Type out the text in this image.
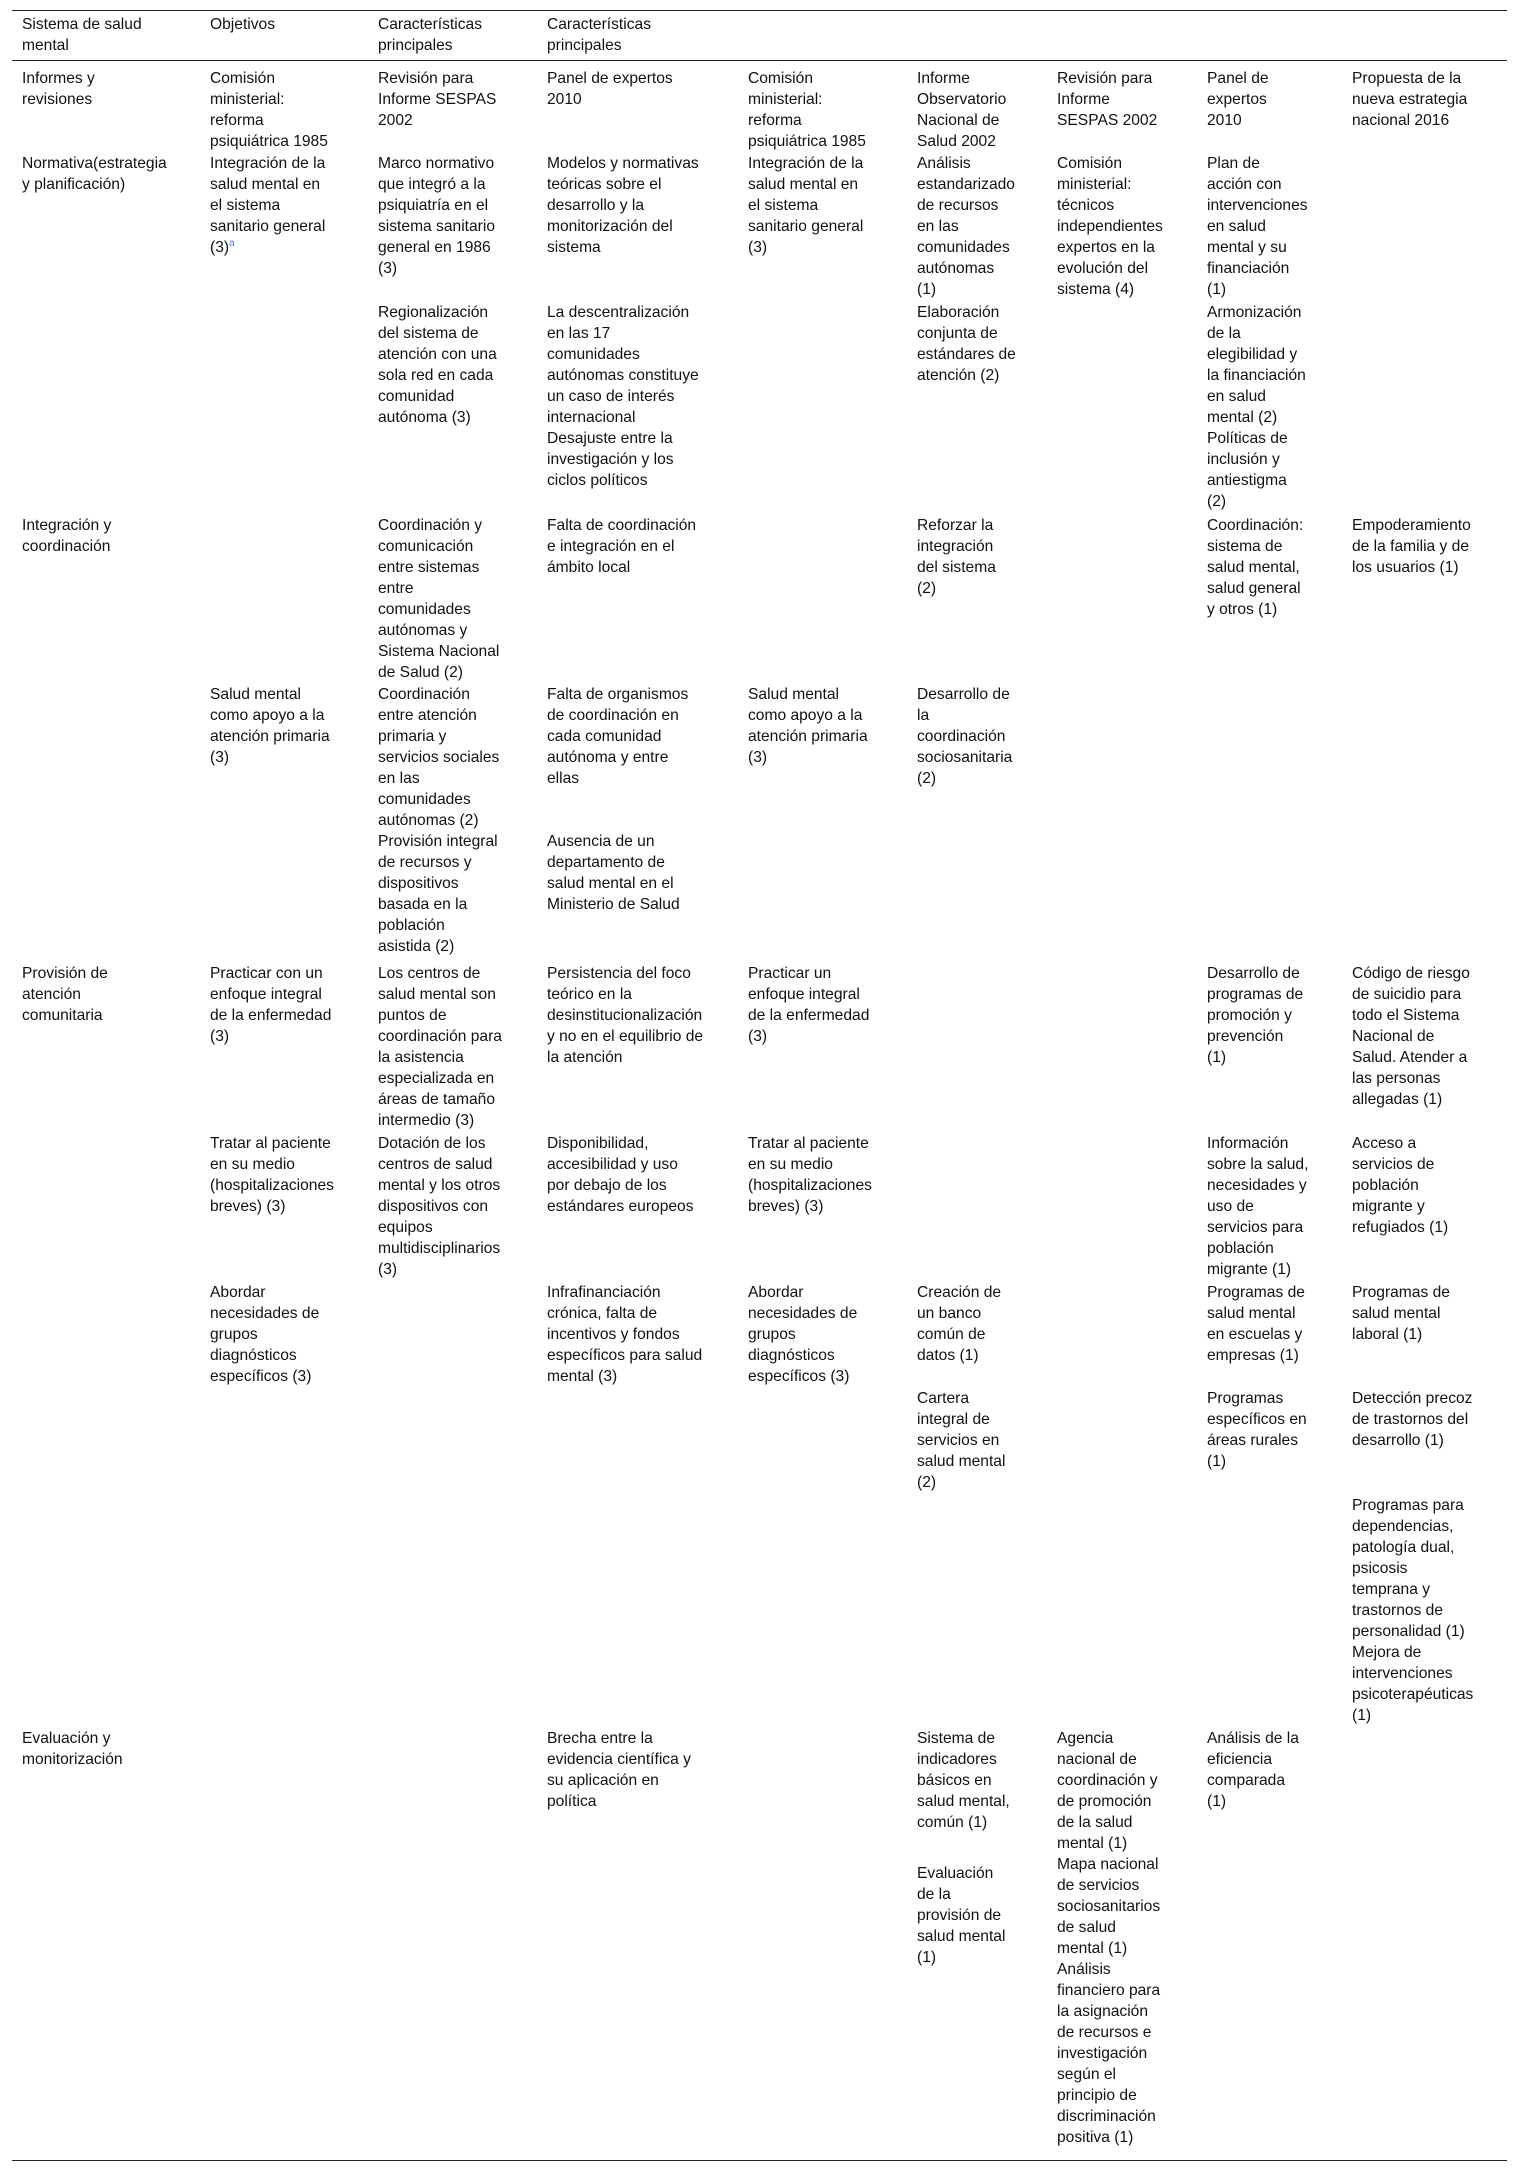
Sistema de salud
mental
Objetivos	Características
principales
Características
principales
Informes y
revisiones
Comisión
ministerial:
reforma
psiquiátrica 1985
Revisión para
Informe SESPAS
2002
Panel de expertos
2010
Comisión
ministerial:
reforma
psiquiátrica 1985
Informe
Observatorio
Nacional de
Salud 2002
Revisión para
Informe
SESPAS 2002
Panel de
expertos
2010
Propuesta de la
nueva estrategia
nacional 2016
Normativa(estrategia
y planificación)
Integración de la
salud mental en
el sistema
sanitario general
(3)$^a$
Marco normativo
que integró a la
psiquiatría en el
sistema sanitario
general en 1986
(3)
Modelos y normativas
teóricas sobre el
desarrollo y la
monitorización del
sistema
Integración de la
salud mental en
el sistema
sanitario general
(3)
Análisis
estandarizado
de recursos
en las
comunidades
autónomas
(1)
Comisión
ministerial:
técnicos
independientes
expertos en la
evolución del
sistema (4)
Plan de
acción con
intervenciones
en salud
mental y su
financiación
(1)
Regionalización
del sistema de
atención con una
sola red en cada
comunidad
autónoma (3)
La descentralización
en las 17
comunidades
autónomas constituye
un caso de interés
internacional
Desajuste entre la
investigación y los
ciclos políticos
Elaboración
conjunta de
estándares de
atención (2)
Armonización
de la
elegibilidad y
la financiación
en salud
mental (2)
Políticas de
inclusión y
antiestigma
(2)
Integración y
coordinación
Coordinación y
comunicación
entre sistemas
entre
comunidades
autónomas y
Sistema Nacional
de Salud (2)
Falta de coordinación
e integración en el
ámbito local
Reforzar la
integración
del sistema
(2)
Coordinación:
sistema de
salud mental,
salud general
y otros (1)
Empoderamiento
de la familia y de
los usuarios (1)
Salud mental
como apoyo a la
atención primaria
(3)
Coordinación
entre atención
primaria y
servicios sociales
en las
comunidades
autónomas (2)
Provisión integral
de recursos y
dispositivos
basada en la
población
asistida (2)
Falta de organismos
de coordinación en
cada comunidad
autónoma y entre
ellas

Ausencia de un
departamento de
salud mental en el
Ministerio de Salud
Salud mental
como apoyo a la
atención primaria
(3)
Desarrollo de
la
coordinación
sociosanitaria
(2)
Provisión de
atención
comunitaria
Practicar con un
enfoque integral
de la enfermedad
(3)
Los centros de
salud mental son
puntos de
coordinación para
la asistencia
especializada en
áreas de tamaño
intermedio (3)
Persistencia del foco
teórico en la
desinstitucionalización
y no en el equilibrio de
la atención
Practicar un
enfoque integral
de la enfermedad
(3)
Desarrollo de
programas de
promoción y
prevención
(1)
Código de riesgo
de suicidio para
todo el Sistema
Nacional de
Salud. Atender a
las personas
allegadas (1)
Tratar al paciente
en su medio
(hospitalizaciones
breves) (3)
Dotación de los
centros de salud
mental y los otros
dispositivos con
equipos
multidisciplinarios
(3)
Disponibilidad,
accesibilidad y uso
por debajo de los
estándares europeos
Tratar al paciente
en su medio
(hospitalizaciones
breves) (3)
Información
sobre la salud,
necesidades y
uso de
servicios para
población
migrante (1)
Acceso a
servicios de
población
migrante y
refugiados (1)
Abordar
necesidades de
grupos
diagnósticos
específicos (3)
Infrafinanciación
crónica, falta de
incentivos y fondos
específicos para salud
mental (3)
Abordar
necesidades de
grupos
diagnósticos
específicos (3)
Creación de
un banco
común de
datos (1)
Programas de
salud mental
en escuelas y
empresas (1)
Programas de
salud mental
laboral (1)
Cartera
integral de
servicios en
salud mental
(2)
Programas
específicos en
áreas rurales
(1)
Detección precoz
de trastornos del
desarrollo (1)
Programas para
dependencias,
patología dual,
psicosis
temprana y
trastornos de
personalidad (1)
Mejora de
intervenciones
psicoterapéuticas
(1)
Evaluación y
monitorización
Brecha entre la
evidencia científica y
su aplicación en
política
Sistema de
indicadores
básicos en
salud mental,
común (1)
Agencia
nacional de
coordinación y
de promoción
de la salud
mental (1)
Mapa nacional
de servicios
sociosanitarios
de salud
mental (1)
Análisis
financiero para
la asignación
de recursos e
investigación
según el
principio de
discriminación
positiva (1)
Análisis de la
eficiencia
comparada
(1)
Evaluación
de la
provisión de
salud mental
(1)
